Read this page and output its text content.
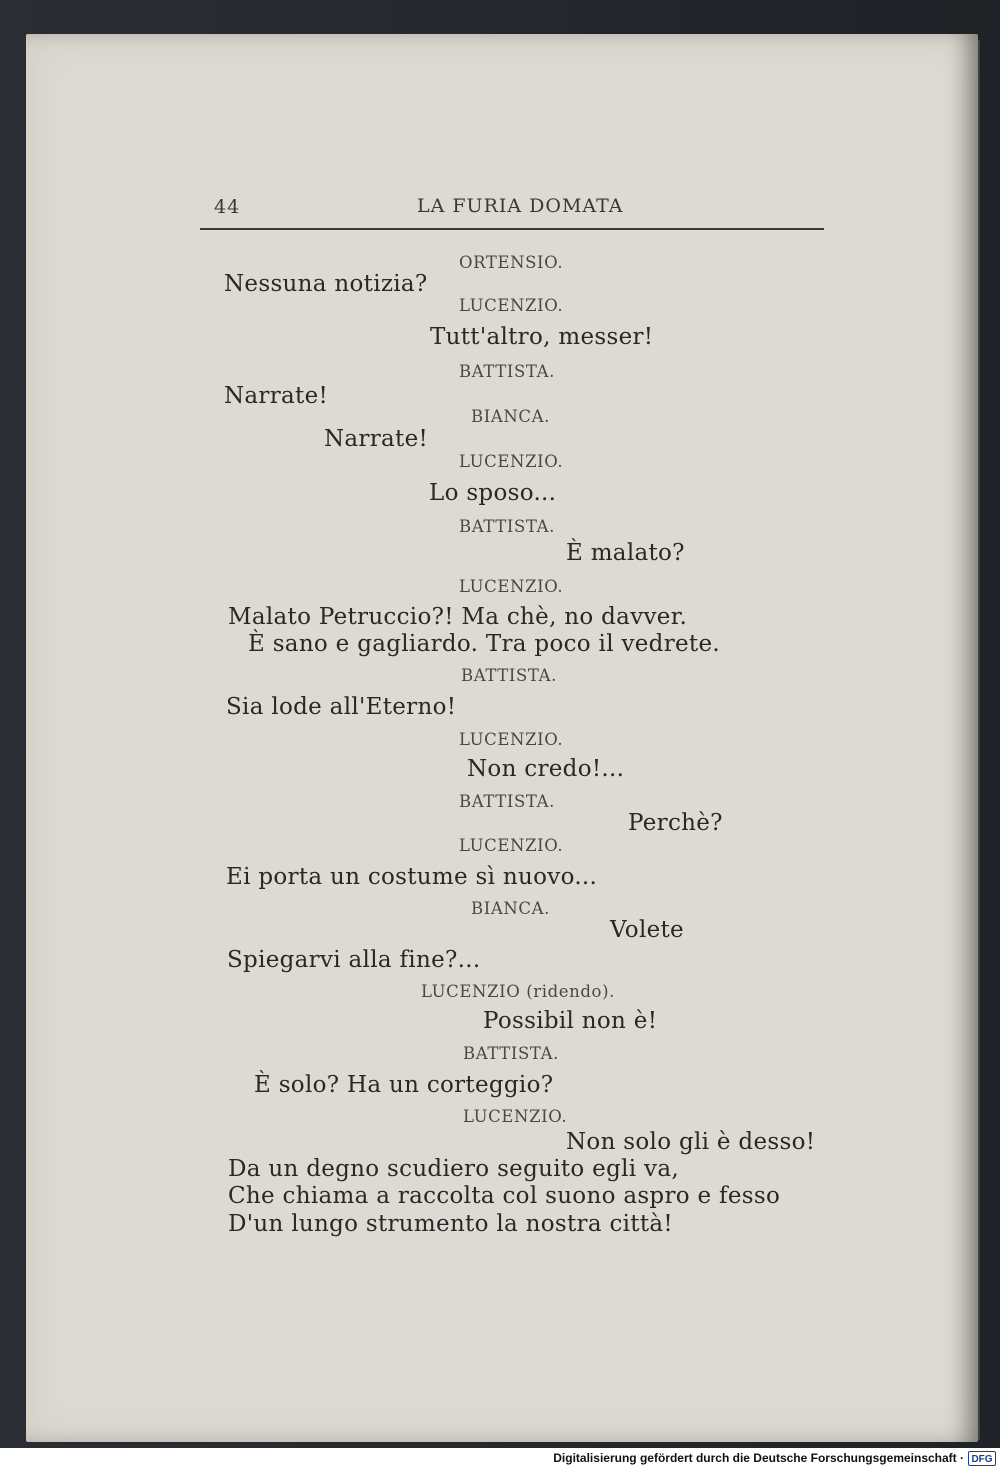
44	LA FURIA DOMATA
ORTENSIO.
Nessuna notizia?
LUCENZIO.
Tutt'altro, messer!
BATTISTA.
Narrate!
BIANCA.
Narrate!
LUCENZIO.
Lo sposo...
BATTISTA.
È malato?
LUCENZIO.
Malato Petruccio?! Ma chè, no davver.
È sano e gagliardo. Tra poco il vedrete.
BATTISTA.
Sia lode all'Eterno!
LUCENZIO.
Non credo!...
BATTISTA.
Perchè?
LUCENZIO.
Ei porta un costume sì nuovo...
BIANCA.
Volete
Spiegarvi alla fine?...
LUCENZIO (ridendo).
Possibil non è!
BATTISTA.
È solo? Ha un corteggio?
LUCENZIO.
Non solo gli è desso!
Da un degno scudiero seguito egli va,
Che chiama a raccolta col suono aspro e fesso
D'un lungo strumento la nostra città!
Digitalisierung gefördert durch die Deutsche Forschungsgemeinschaft · DFG
